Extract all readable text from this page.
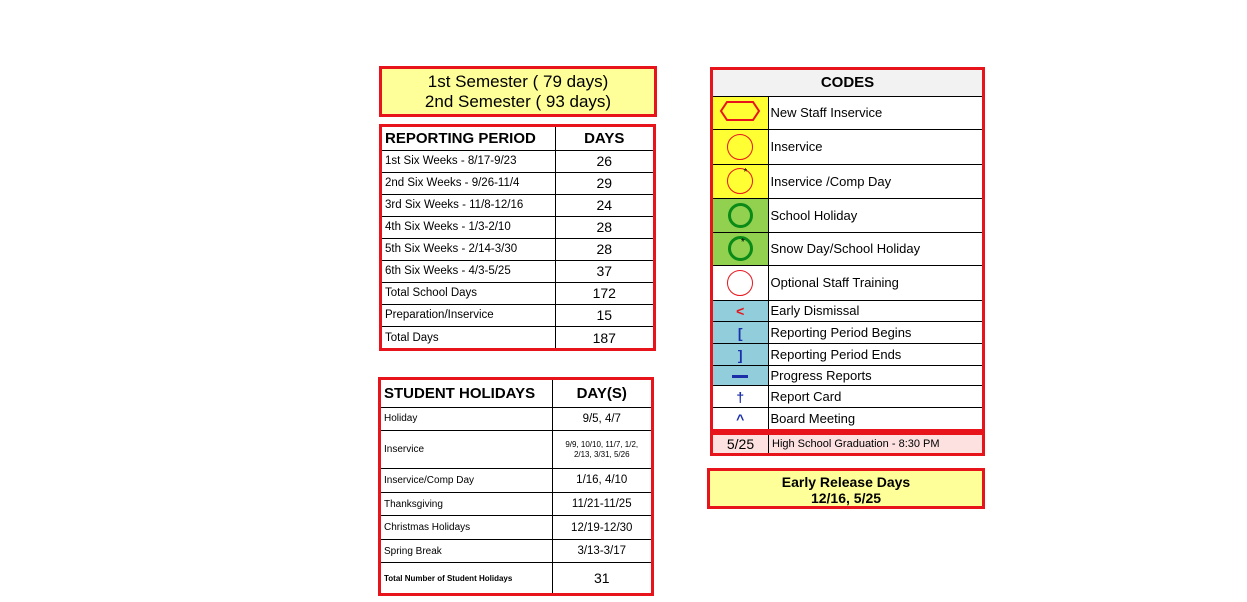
1st Semester ( 79 days)
2nd Semester ( 93 days)
REPORTING PERIOD	DAYS
1st Six Weeks - 8/17-9/23	26
2nd Six Weeks - 9/26-11/4	29
3rd Six Weeks - 11/8-12/16	24
4th Six Weeks - 1/3-2/10	28
5th Six Weeks - 2/14-3/30	28
6th Six Weeks - 4/3-5/25	37
Total School Days	172
Preparation/Inservice	15
Total Days	187
STUDENT HOLIDAYS	DAY(S)
Holiday	9/5, 4/7
Inservice	9/9, 10/10, 11/7, 1/2, 2/13, 3/31, 5/26
Inservice/Comp Day	1/16, 4/10
Thanksgiving	11/21-11/25
Christmas Holidays	12/19-12/30
Spring Break	3/13-3/17
Total Number of Student Holidays	31
CODES	
	New Staff Inservice
	Inservice

*	Inservice /Comp Day
	School Holiday

*	Snow Day/School Holiday
	Optional Staff Training
<	Early Dismissal
[	Reporting Period Begins
]	Reporting Period Ends
	Progress Reports
†	Report Card
^	Board Meeting
5/25	High School Graduation - 8:30 PM
Early Release Days
12/16, 5/25
